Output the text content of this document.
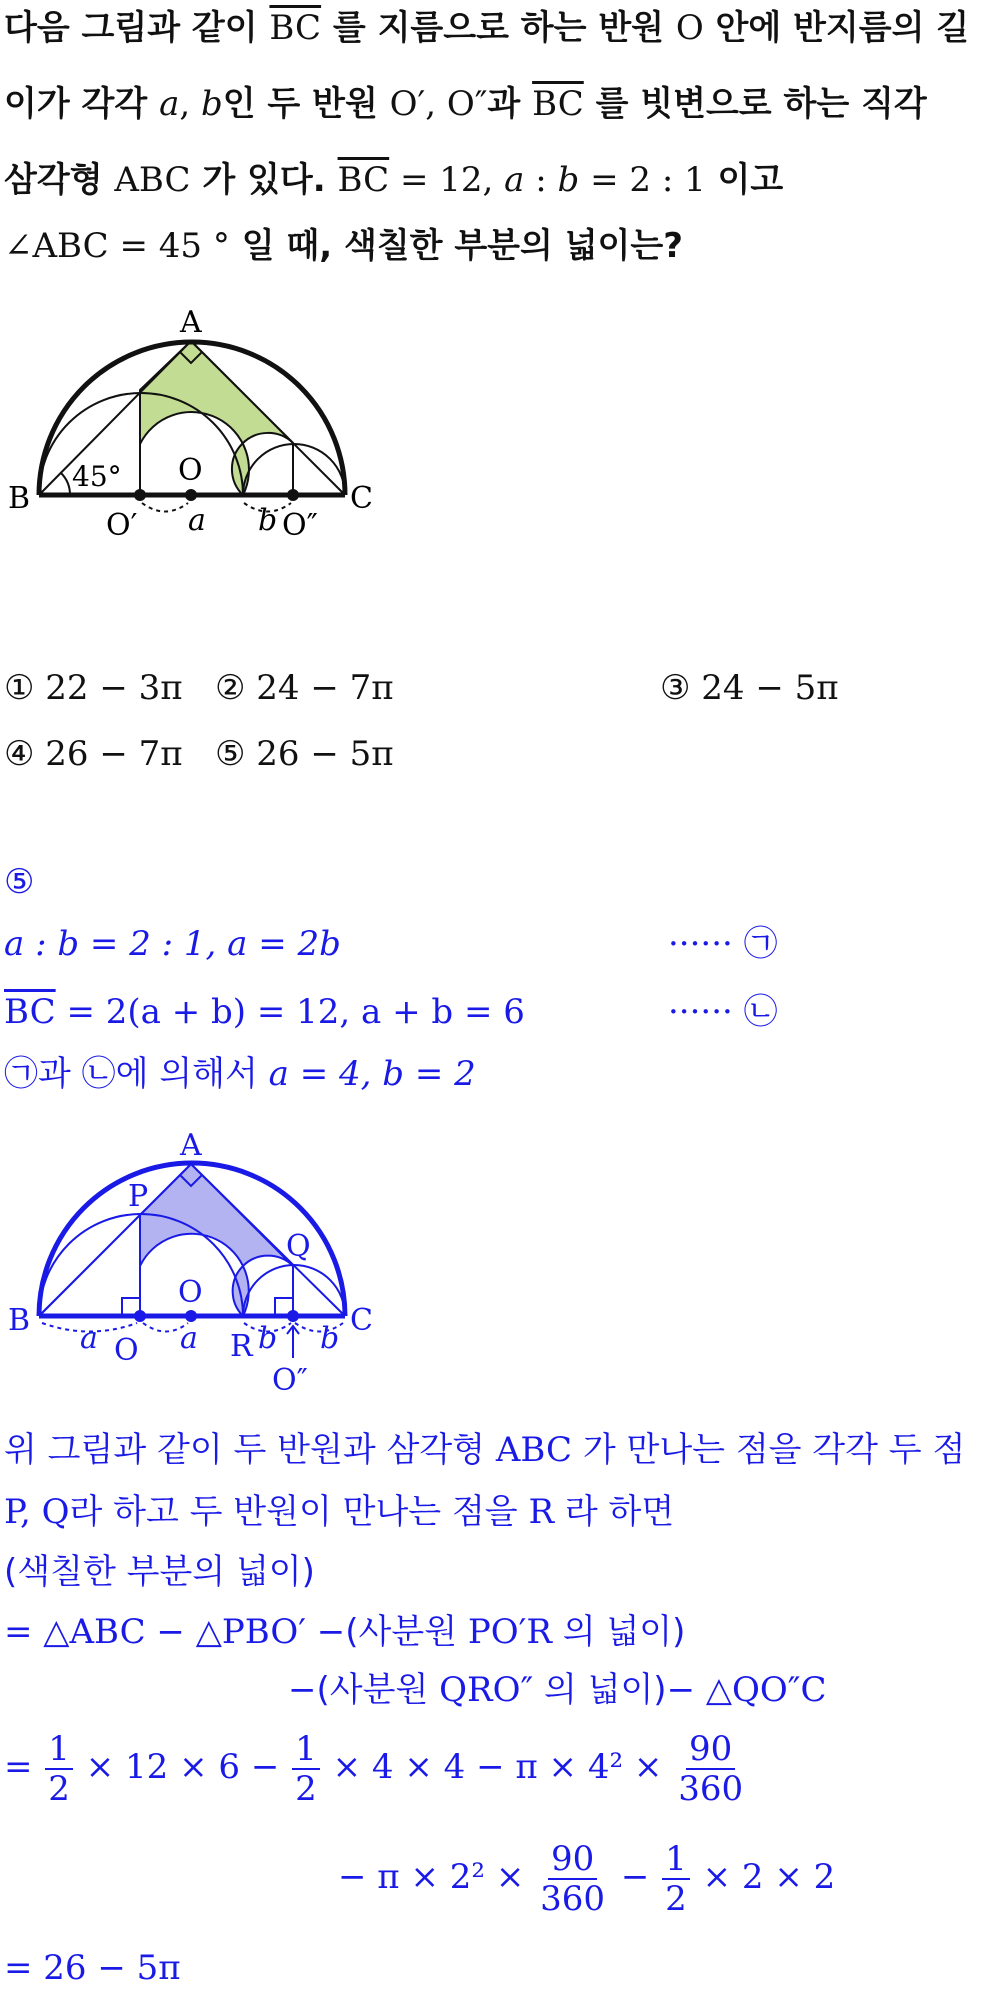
다음 그림과 같이 $\overline{BC}$ 를 지름으로 하는 반원 O 안에 반지름의 길
이가 각각 a, b인 두 반원 O′, O″과 $\overline{BC}$ 를 빗변으로 하는 직각
삼각형 ABC 가 있다. $\overline{BC} = 12$, a : b = 2 : 1 이고
∠ABC = 45 ° 일 때, 색칠한 부분의 넓이는?
A
B	C
O
O′	O″
a b
45°
① 22 − 3π ② 24 − 7π	③ 24 − 5π
④ 26 − 7π ⑤ 26 − 5π
⑤
a : b = 2 : 1, a = 2b	······ ㉠
$\overline{BC} = 2(a + b) = 12$, a + b = 6	······ ㉡
㉠과 ㉡에 의해서 a = 4, b = 2
A
P
Q
B	C
O
R
O
O″
a	a b b
위 그림과 같이 두 반원과 삼각형 ABC 가 만나는 점을 각각 두 점
P, Q라 하고 두 반원이 만나는 점을 R 라 하면
(색칠한 부분의 넓이)
= △ABC − △PBO′ −(사분원 PO′R 의 넓이)
−(사분원 QRO″ 의 넓이)− △QO″C
= $\frac{1}{2} \times 12 \times 6 - \frac{1}{2} \times 4 \times 4 - \pi \times 4^2 \times \frac{90}{360}$
− $\pi \times 2^2 \times \frac{90}{360} - \frac{1}{2} \times 2 \times 2$
= 26 − 5π
